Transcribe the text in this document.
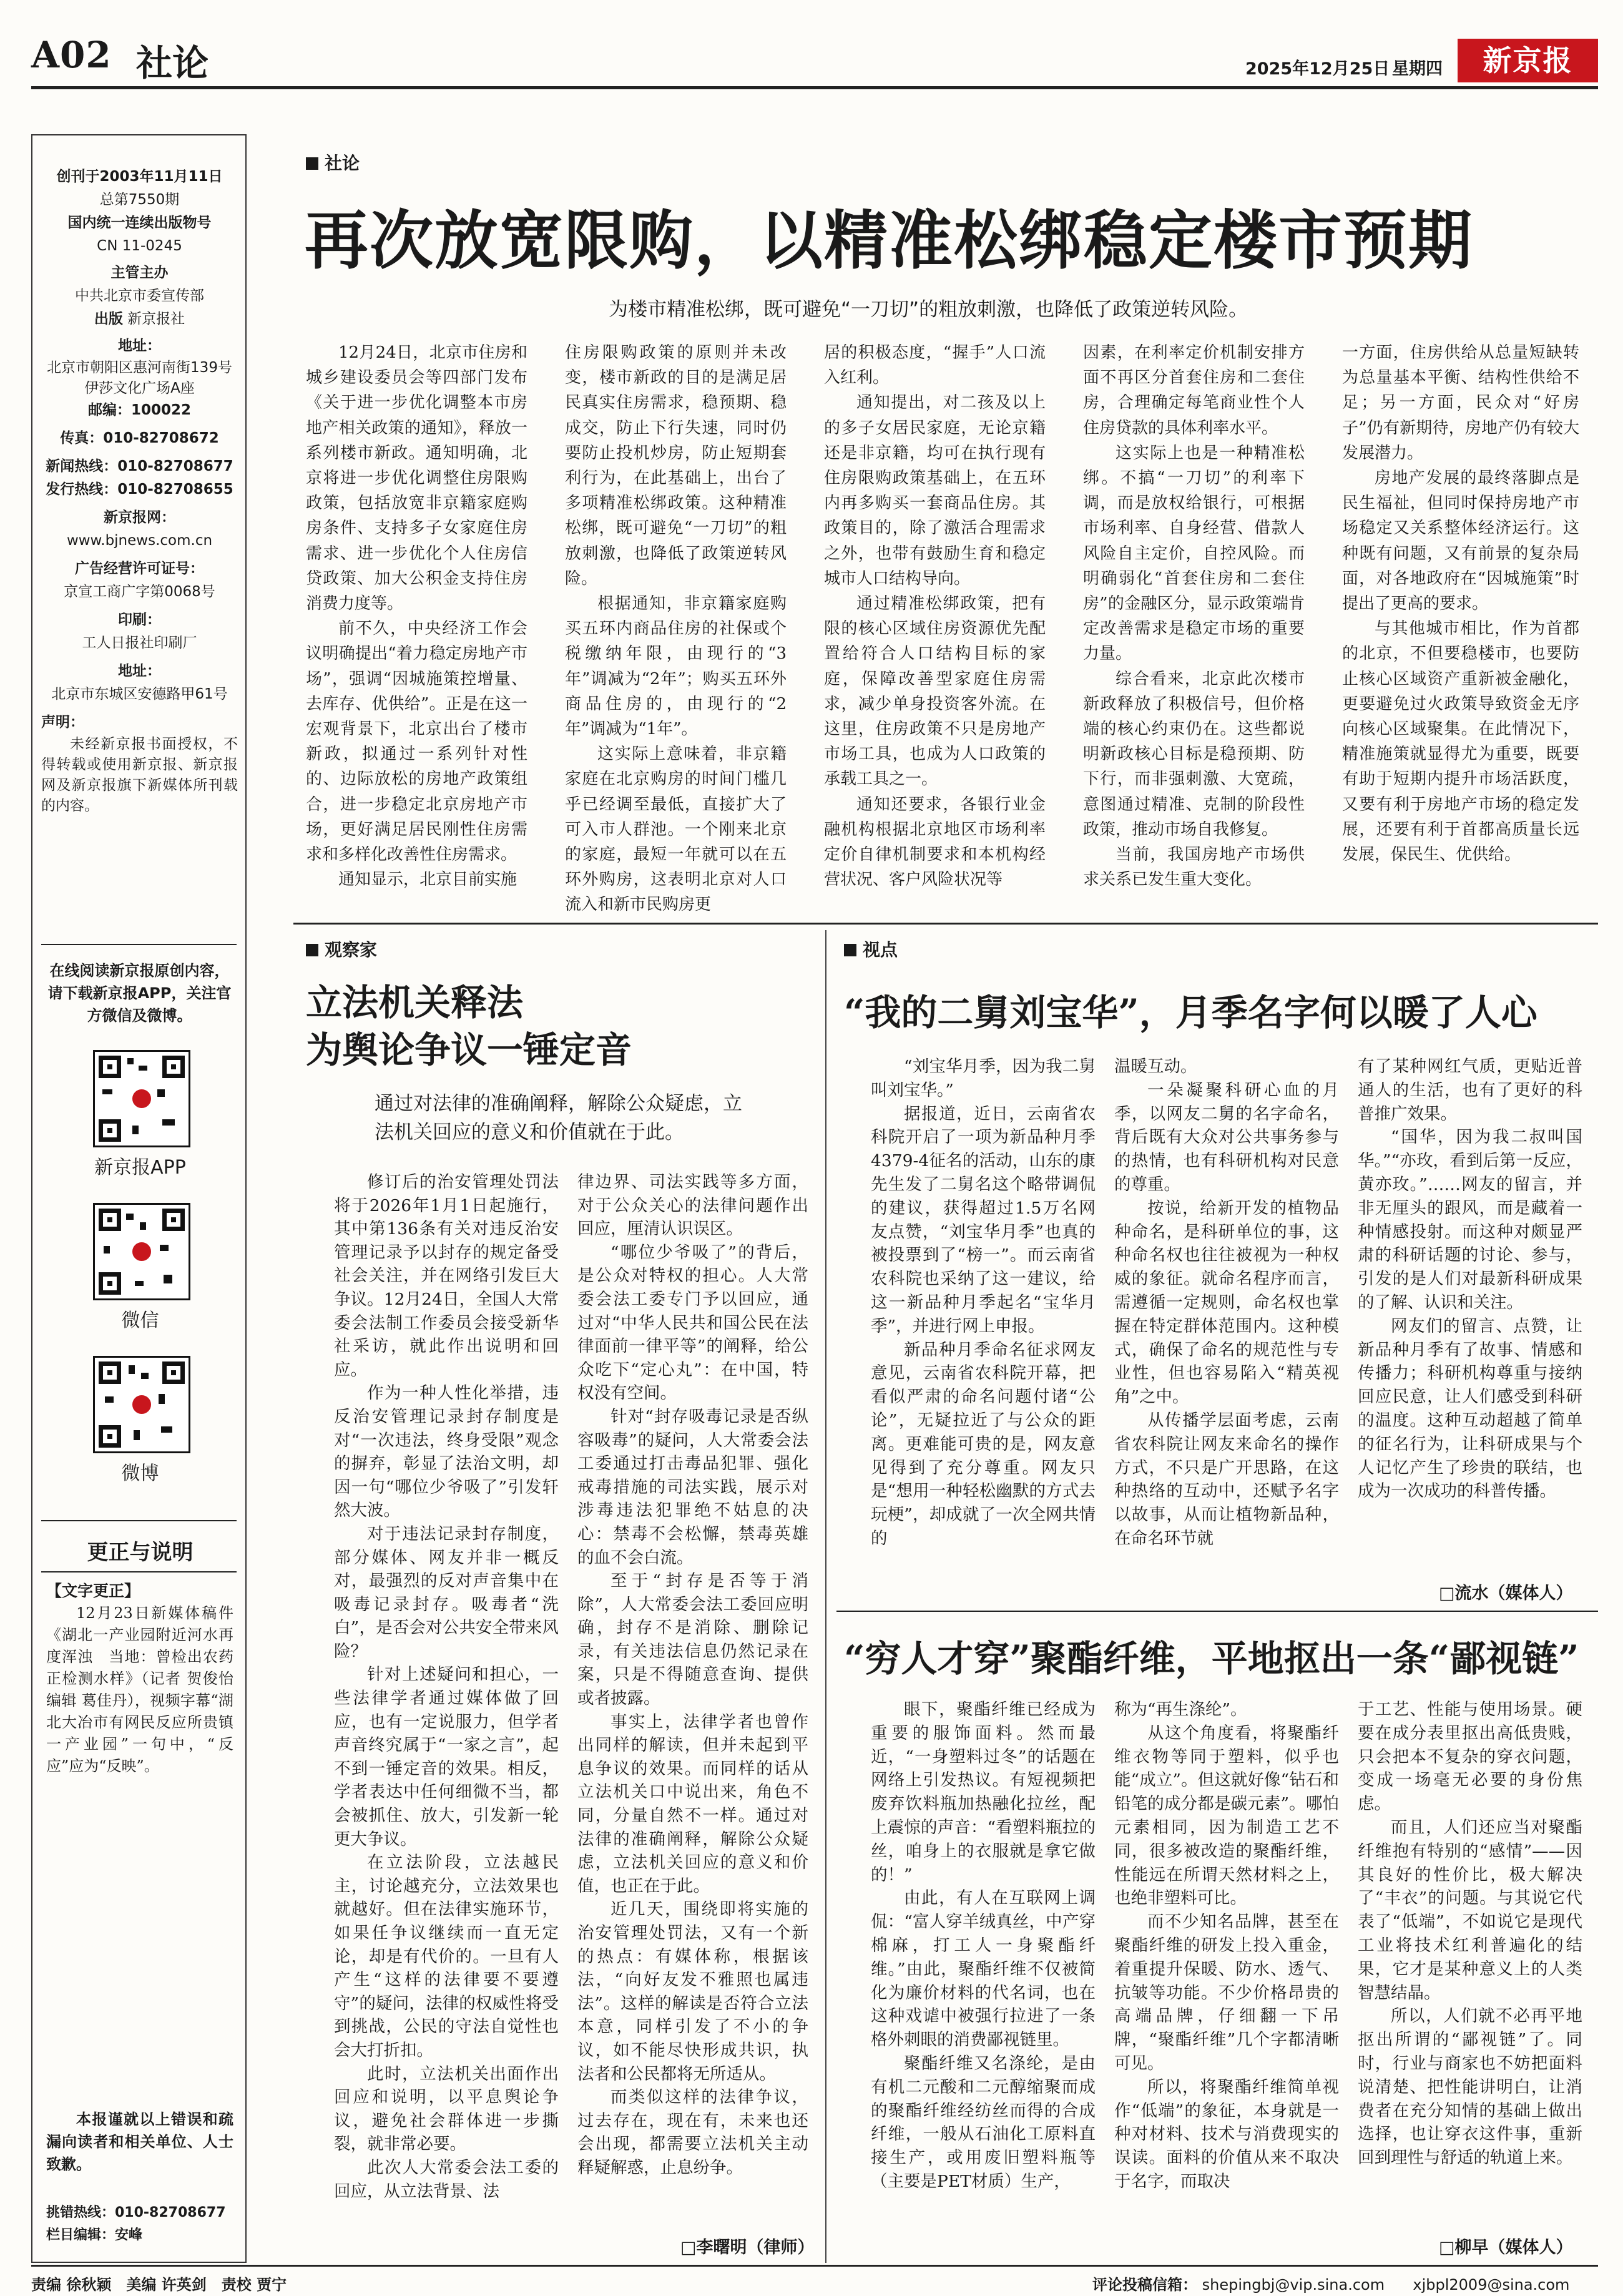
A02 社论	2025年12月25日 星期四	新京报
创刊于2003年11月11日
总第7550期
国内统一连续出版物号
CN 11-0245
主管主办
中共北京市委宣传部
出版 新京报社
地址：
北京市朝阳区惠河南街139号伊莎文化广场A座
邮编：100022
传真：010-82708672
新闻热线：010-82708677
发行热线：010-82708655
新京报网：
www.bjnews.com.cn
广告经营许可证号：
京宣工商广字第0068号
印刷：
工人日报社印刷厂
地址：
北京市东城区安德路甲61号
声明：
未经新京报书面授权，不得转载或使用新京报、新京报网及新京报旗下新媒体所刊载的内容。
在线阅读新京报原创内容，请下载新京报APP，关注官方微信及微博。
新京报APP
微信
微博
更正与说明
【文字更正】
12月23日新媒体稿件《湖北一产业园附近河水再度浑浊　当地：曾检出农药　正检测水样》（记者 贺俊怡 编辑 葛佳丹），视频字幕“湖北大冶市有网民反应所贵镇一产业园”一句中，“反应”应为“反映”。
本报谨就以上错误和疏漏向读者和相关单位、人士致歉。
挑错热线：010-82708677
栏目编辑：安峰
社论
再次放宽限购，以精准松绑稳定楼市预期
为楼市精准松绑，既可避免“一刀切”的粗放刺激，也降低了政策逆转风险。

12月24日，北京市住房和城乡建设委员会等四部门发布《关于进一步优化调整本市房地产相关政策的通知》，释放一系列楼市新政。通知明确，北京将进一步优化调整住房限购政策，包括放宽非京籍家庭购房条件、支持多子女家庭住房需求、进一步优化个人住房信贷政策、加大公积金支持住房消费力度等。

前不久，中央经济工作会议明确提出“着力稳定房地产市场”，强调“因城施策控增量、去库存、优供给”。正是在这一宏观背景下，北京出台了楼市新政，拟通过一系列针对性的、边际放松的房地产政策组合，进一步稳定北京房地产市场，更好满足居民刚性住房需求和多样化改善性住房需求。

通知显示，北京目前实施

住房限购政策的原则并未改变，楼市新政的目的是满足居民真实住房需求，稳预期、稳成交，防止下行失速，同时仍要防止投机炒房，防止短期套利行为，在此基础上，出台了多项精准松绑政策。这种精准松绑，既可避免“一刀切”的粗放刺激，也降低了政策逆转风险。

根据通知，非京籍家庭购买五环内商品住房的社保或个税缴纳年限，由现行的“3年”调减为“2年”；购买五环外商品住房的，由现行的“2年”调减为“1年”。

这实际上意味着，非京籍家庭在北京购房的时间门槛几乎已经调至最低，直接扩大了可入市人群池。一个刚来北京的家庭，最短一年就可以在五环外购房，这表明北京对人口流入和新市民购房更

居的积极态度，“握手”人口流入红利。

通知提出，对二孩及以上的多子女居民家庭，无论京籍还是非京籍，均可在执行现有住房限购政策基础上，在五环内再多购买一套商品住房。其政策目的，除了激活合理需求之外，也带有鼓励生育和稳定城市人口结构导向。

通过精准松绑政策，把有限的核心区域住房资源优先配置给符合人口结构目标的家庭，保障改善型家庭住房需求，减少单身投资客外流。在这里，住房政策不只是房地产市场工具，也成为人口政策的承载工具之一。

通知还要求，各银行业金融机构根据北京地区市场利率定价自律机制要求和本机构经营状况、客户风险状况等

因素，在利率定价机制安排方面不再区分首套住房和二套住房，合理确定每笔商业性个人住房贷款的具体利率水平。

这实际上也是一种精准松绑。不搞“一刀切”的利率下调，而是放权给银行，可根据市场利率、自身经营、借款人风险自主定价，自控风险。而明确弱化“首套住房和二套住房”的金融区分，显示政策端肯定改善需求是稳定市场的重要力量。

综合看来，北京此次楼市新政释放了积极信号，但价格端的核心约束仍在。这些都说明新政核心目标是稳预期、防下行，而非强刺激、大宽疏，意图通过精准、克制的阶段性政策，推动市场自我修复。

当前，我国房地产市场供求关系已发生重大变化。

一方面，住房供给从总量短缺转为总量基本平衡、结构性供给不足；另一方面，民众对“好房子”仍有新期待，房地产仍有较大发展潜力。

房地产发展的最终落脚点是民生福祉，但同时保持房地产市场稳定又关系整体经济运行。这种既有问题，又有前景的复杂局面，对各地政府在“因城施策”时提出了更高的要求。

与其他城市相比，作为首都的北京，不但要稳楼市，也要防止核心区域资产重新被金融化，更要避免过火政策导致资金无序向核心区域聚集。在此情况下，精准施策就显得尤为重要，既要有助于短期内提升市场活跃度，又要有利于房地产市场的稳定发展，还要有利于首都高质量长远发展，保民生、优供给。

观察家
立法机关释法
为舆论争议一锤定音
通过对法律的准确阐释，解除公众疑虑，立法机关回应的意义和价值就在于此。

修订后的治安管理处罚法将于2026年1月1日起施行，其中第136条有关对违反治安管理记录予以封存的规定备受社会关注，并在网络引发巨大争议。12月24日，全国人大常委会法制工作委员会接受新华社采访，就此作出说明和回应。

作为一种人性化举措，违反治安管理记录封存制度是对“一次违法，终身受限”观念的摒弃，彰显了法治文明，却因一句“哪位少爷吸了”引发轩然大波。

对于违法记录封存制度，部分媒体、网友并非一概反对，最强烈的反对声音集中在吸毒记录封存。吸毒者“洗白”，是否会对公共安全带来风险？

针对上述疑问和担心，一些法律学者通过媒体做了回应，也有一定说服力，但学者声音终究属于“一家之言”，起不到一锤定音的效果。相反，学者表达中任何细微不当，都会被抓住、放大，引发新一轮更大争议。

在立法阶段，立法越民主，讨论越充分，立法效果也就越好。但在法律实施环节，如果任争议继续而一直无定论，却是有代价的。一旦有人产生“这样的法律要不要遵守”的疑问，法律的权威性将受到挑战，公民的守法自觉性也会大打折扣。

此时，立法机关出面作出回应和说明，以平息舆论争议，避免社会群体进一步撕裂，就非常必要。

此次人大常委会法工委的回应，从立法背景、法

律边界、司法实践等多方面，对于公众关心的法律问题作出回应，厘清认识误区。

“哪位少爷吸了”的背后，是公众对特权的担心。人大常委会法工委专门予以回应，通过对“中华人民共和国公民在法律面前一律平等”的阐释，给公众吃下“定心丸”：在中国，特权没有空间。

针对“封存吸毒记录是否纵容吸毒”的疑问，人大常委会法工委通过打击毒品犯罪、强化戒毒措施的司法实践，展示对涉毒违法犯罪绝不姑息的决心：禁毒不会松懈，禁毒英雄的血不会白流。

至于“封存是否等于消除”，人大常委会法工委回应明确，封存不是消除、删除记录，有关违法信息仍然记录在案，只是不得随意查询、提供或者披露。

事实上，法律学者也曾作出同样的解读，但并未起到平息争议的效果。而同样的话从立法机关口中说出来，角色不同，分量自然不一样。通过对法律的准确阐释，解除公众疑虑，立法机关回应的意义和价值，也正在于此。

近几天，围绕即将实施的治安管理处罚法，又有一个新的热点：有媒体称，根据该法，“向好友发不雅照也属违法”。这样的解读是否符合立法本意，同样引发了不小的争议，如不能尽快形成共识，执法者和公民都将无所适从。

而类似这样的法律争议，过去存在，现在有，未来也还会出现，都需要立法机关主动释疑解惑，止息纷争。

□李曙明（律师）
视点
“我的二舅刘宝华”，月季名字何以暖了人心

“刘宝华月季，因为我二舅叫刘宝华。”

据报道，近日，云南省农科院开启了一项为新品种月季4379-4征名的活动，山东的康先生发了二舅名这个略带调侃的建议，获得超过1.5万名网友点赞，“刘宝华月季”也真的被投票到了“榜一”。而云南省农科院也采纳了这一建议，给这一新品种月季起名“宝华月季”，并进行网上申报。

新品种月季命名征求网友意见，云南省农科院开幕，把看似严肃的命名问题付诸“公论”，无疑拉近了与公众的距离。更难能可贵的是，网友意见得到了充分尊重。网友只是“想用一种轻松幽默的方式去玩梗”，却成就了一次全网共情的

温暖互动。

一朵凝聚科研心血的月季，以网友二舅的名字命名，背后既有大众对公共事务参与的热情，也有科研机构对民意的尊重。

按说，给新开发的植物品种命名，是科研单位的事，这种命名权也往往被视为一种权威的象征。就命名程序而言，需遵循一定规则，命名权也掌握在特定群体范围内。这种模式，确保了命名的规范性与专业性，但也容易陷入“精英视角”之中。

从传播学层面考虑，云南省农科院让网友来命名的操作方式，不只是广开思路，在这种热络的互动中，还赋予名字以故事，从而让植物新品种，在命名环节就

有了某种网红气质，更贴近普通人的生活，也有了更好的科普推广效果。

“国华，因为我二叔叫国华。”“亦玫，看到后第一反应，黄亦玫。”……网友的留言，并非无厘头的跟风，而是藏着一种情感投射。而这种对颇显严肃的科研话题的讨论、参与，引发的是人们对最新科研成果的了解、认识和关注。

网友们的留言、点赞，让新品种月季有了故事、情感和传播力；科研机构尊重与接纳回应民意，让人们感受到科研的温度。这种互动超越了简单的征名行为，让科研成果与个人记忆产生了珍贵的联结，也成为一次成功的科普传播。

□流水（媒体人）
“穷人才穿”聚酯纤维，平地抠出一条“鄙视链”

眼下，聚酯纤维已经成为重要的服饰面料。然而最近，“一身塑料过冬”的话题在网络上引发热议。有短视频把废弃饮料瓶加热融化拉丝，配上震惊的声音：“看塑料瓶拉的丝，咱身上的衣服就是拿它做的！”

由此，有人在互联网上调侃：“富人穿羊绒真丝，中产穿棉麻，打工人一身聚酯纤维。”由此，聚酯纤维不仅被简化为廉价材料的代名词，也在这种戏谑中被强行拉进了一条格外刺眼的消费鄙视链里。

聚酯纤维又名涤纶，是由有机二元酸和二元醇缩聚而成的聚酯纤维经纺丝而得的合成纤维，一般从石油化工原料直接生产，或用废旧塑料瓶等（主要是PET材质）生产，

称为“再生涤纶”。

从这个角度看，将聚酯纤维衣物等同于塑料，似乎也能“成立”。但这就好像“钻石和铅笔的成分都是碳元素”。哪怕元素相同，因为制造工艺不同，很多被改造的聚酯纤维，性能远在所谓天然材料之上，也绝非塑料可比。

而不少知名品牌，甚至在聚酯纤维的研发上投入重金，着重提升保暖、防水、透气、抗皱等功能。不少价格昂贵的高端品牌，仔细翻一下吊牌，“聚酯纤维”几个字都清晰可见。

所以，将聚酯纤维简单视作“低端”的象征，本身就是一种对材料、技术与消费现实的误读。面料的价值从来不取决于名字，而取决

于工艺、性能与使用场景。硬要在成分表里抠出高低贵贱，只会把本不复杂的穿衣问题，变成一场毫无必要的身份焦虑。

而且，人们还应当对聚酯纤维抱有特别的“感情”——因其良好的性价比，极大解决了“丰衣”的问题。与其说它代表了“低端”，不如说它是现代工业将技术红利普遍化的结果，它才是某种意义上的人类智慧结晶。

所以，人们就不必再平地抠出所谓的“鄙视链”了。同时，行业与商家也不妨把面料说清楚、把性能讲明白，让消费者在充分知情的基础上做出选择，也让穿衣这件事，重新回到理性与舒适的轨道上来。

□柳早（媒体人）
责编 徐秋颖　美编 许英剑　责校 贾宁	评论投稿信箱： shepingbj@vip.sina.com xjbpl2009@sina.com
